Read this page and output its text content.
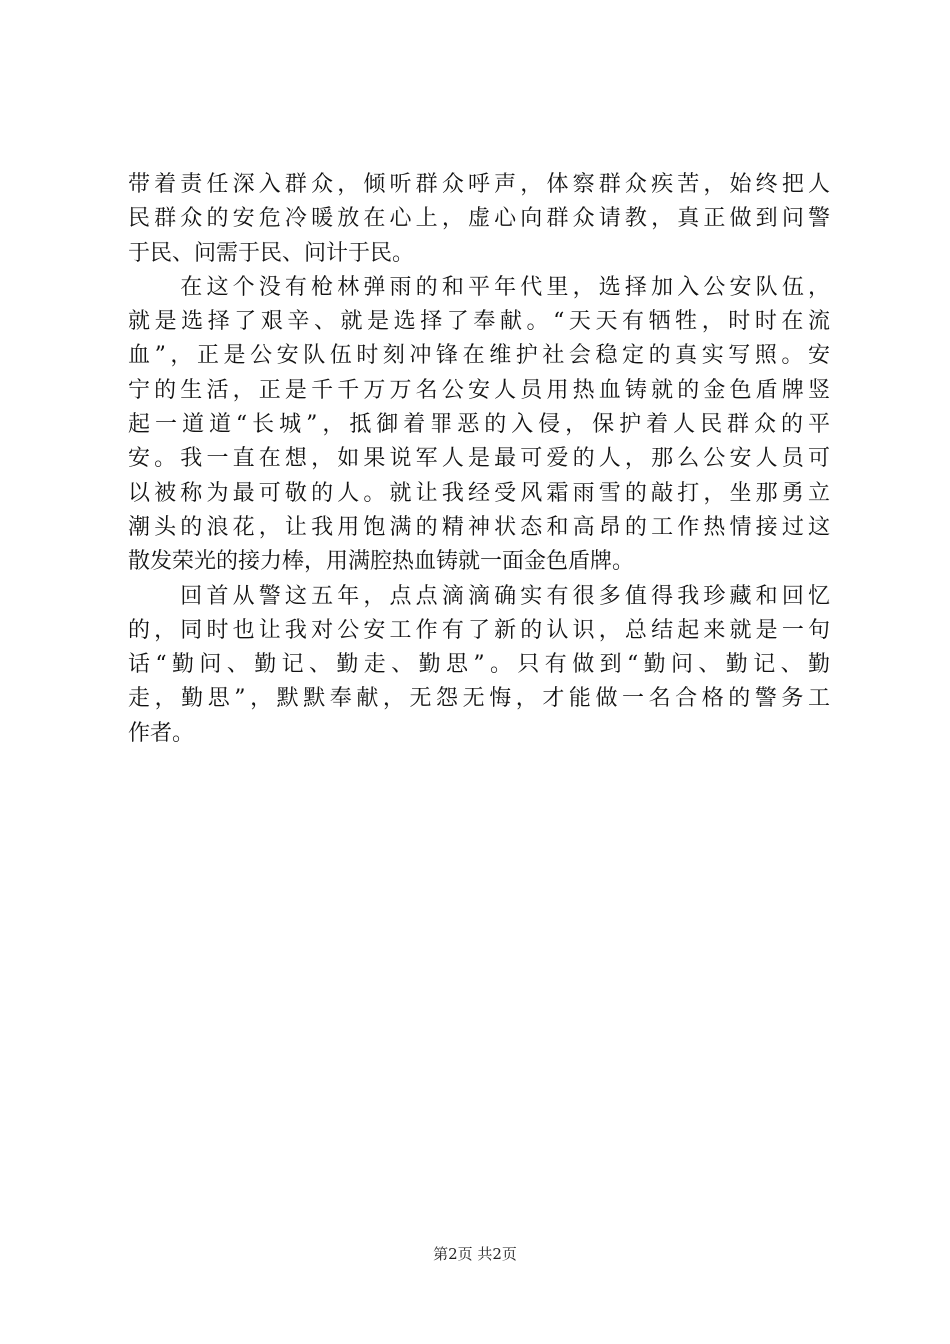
带着责任深入群众，倾听群众呼声，体察群众疾苦，始终把人
民群众的安危冷暖放在心上，虚心向群众请教，真正做到问警
于民、问需于民、问计于民。
　　在这个没有枪林弹雨的和平年代里，选择加入公安队伍，
就是选择了艰辛、就是选择了奉献。“天天有牺牲，时时在流
血”，正是公安队伍时刻冲锋在维护社会稳定的真实写照。安
宁的生活，正是千千万万名公安人员用热血铸就的金色盾牌竖
起一道道“长城”，抵御着罪恶的入侵，保护着人民群众的平
安。我一直在想，如果说军人是最可爱的人，那么公安人员可
以被称为最可敬的人。就让我经受风霜雨雪的敲打，坐那勇立
潮头的浪花，让我用饱满的精神状态和高昂的工作热情接过这
散发荣光的接力棒，用满腔热血铸就一面金色盾牌。
　　回首从警这五年，点点滴滴确实有很多值得我珍藏和回忆
的，同时也让我对公安工作有了新的认识，总结起来就是一句
话“勤问、勤记、勤走、勤思”。只有做到“勤问、勤记、勤
走，勤思”，默默奉献，无怨无悔，才能做一名合格的警务工
作者。
第2页 共2页
